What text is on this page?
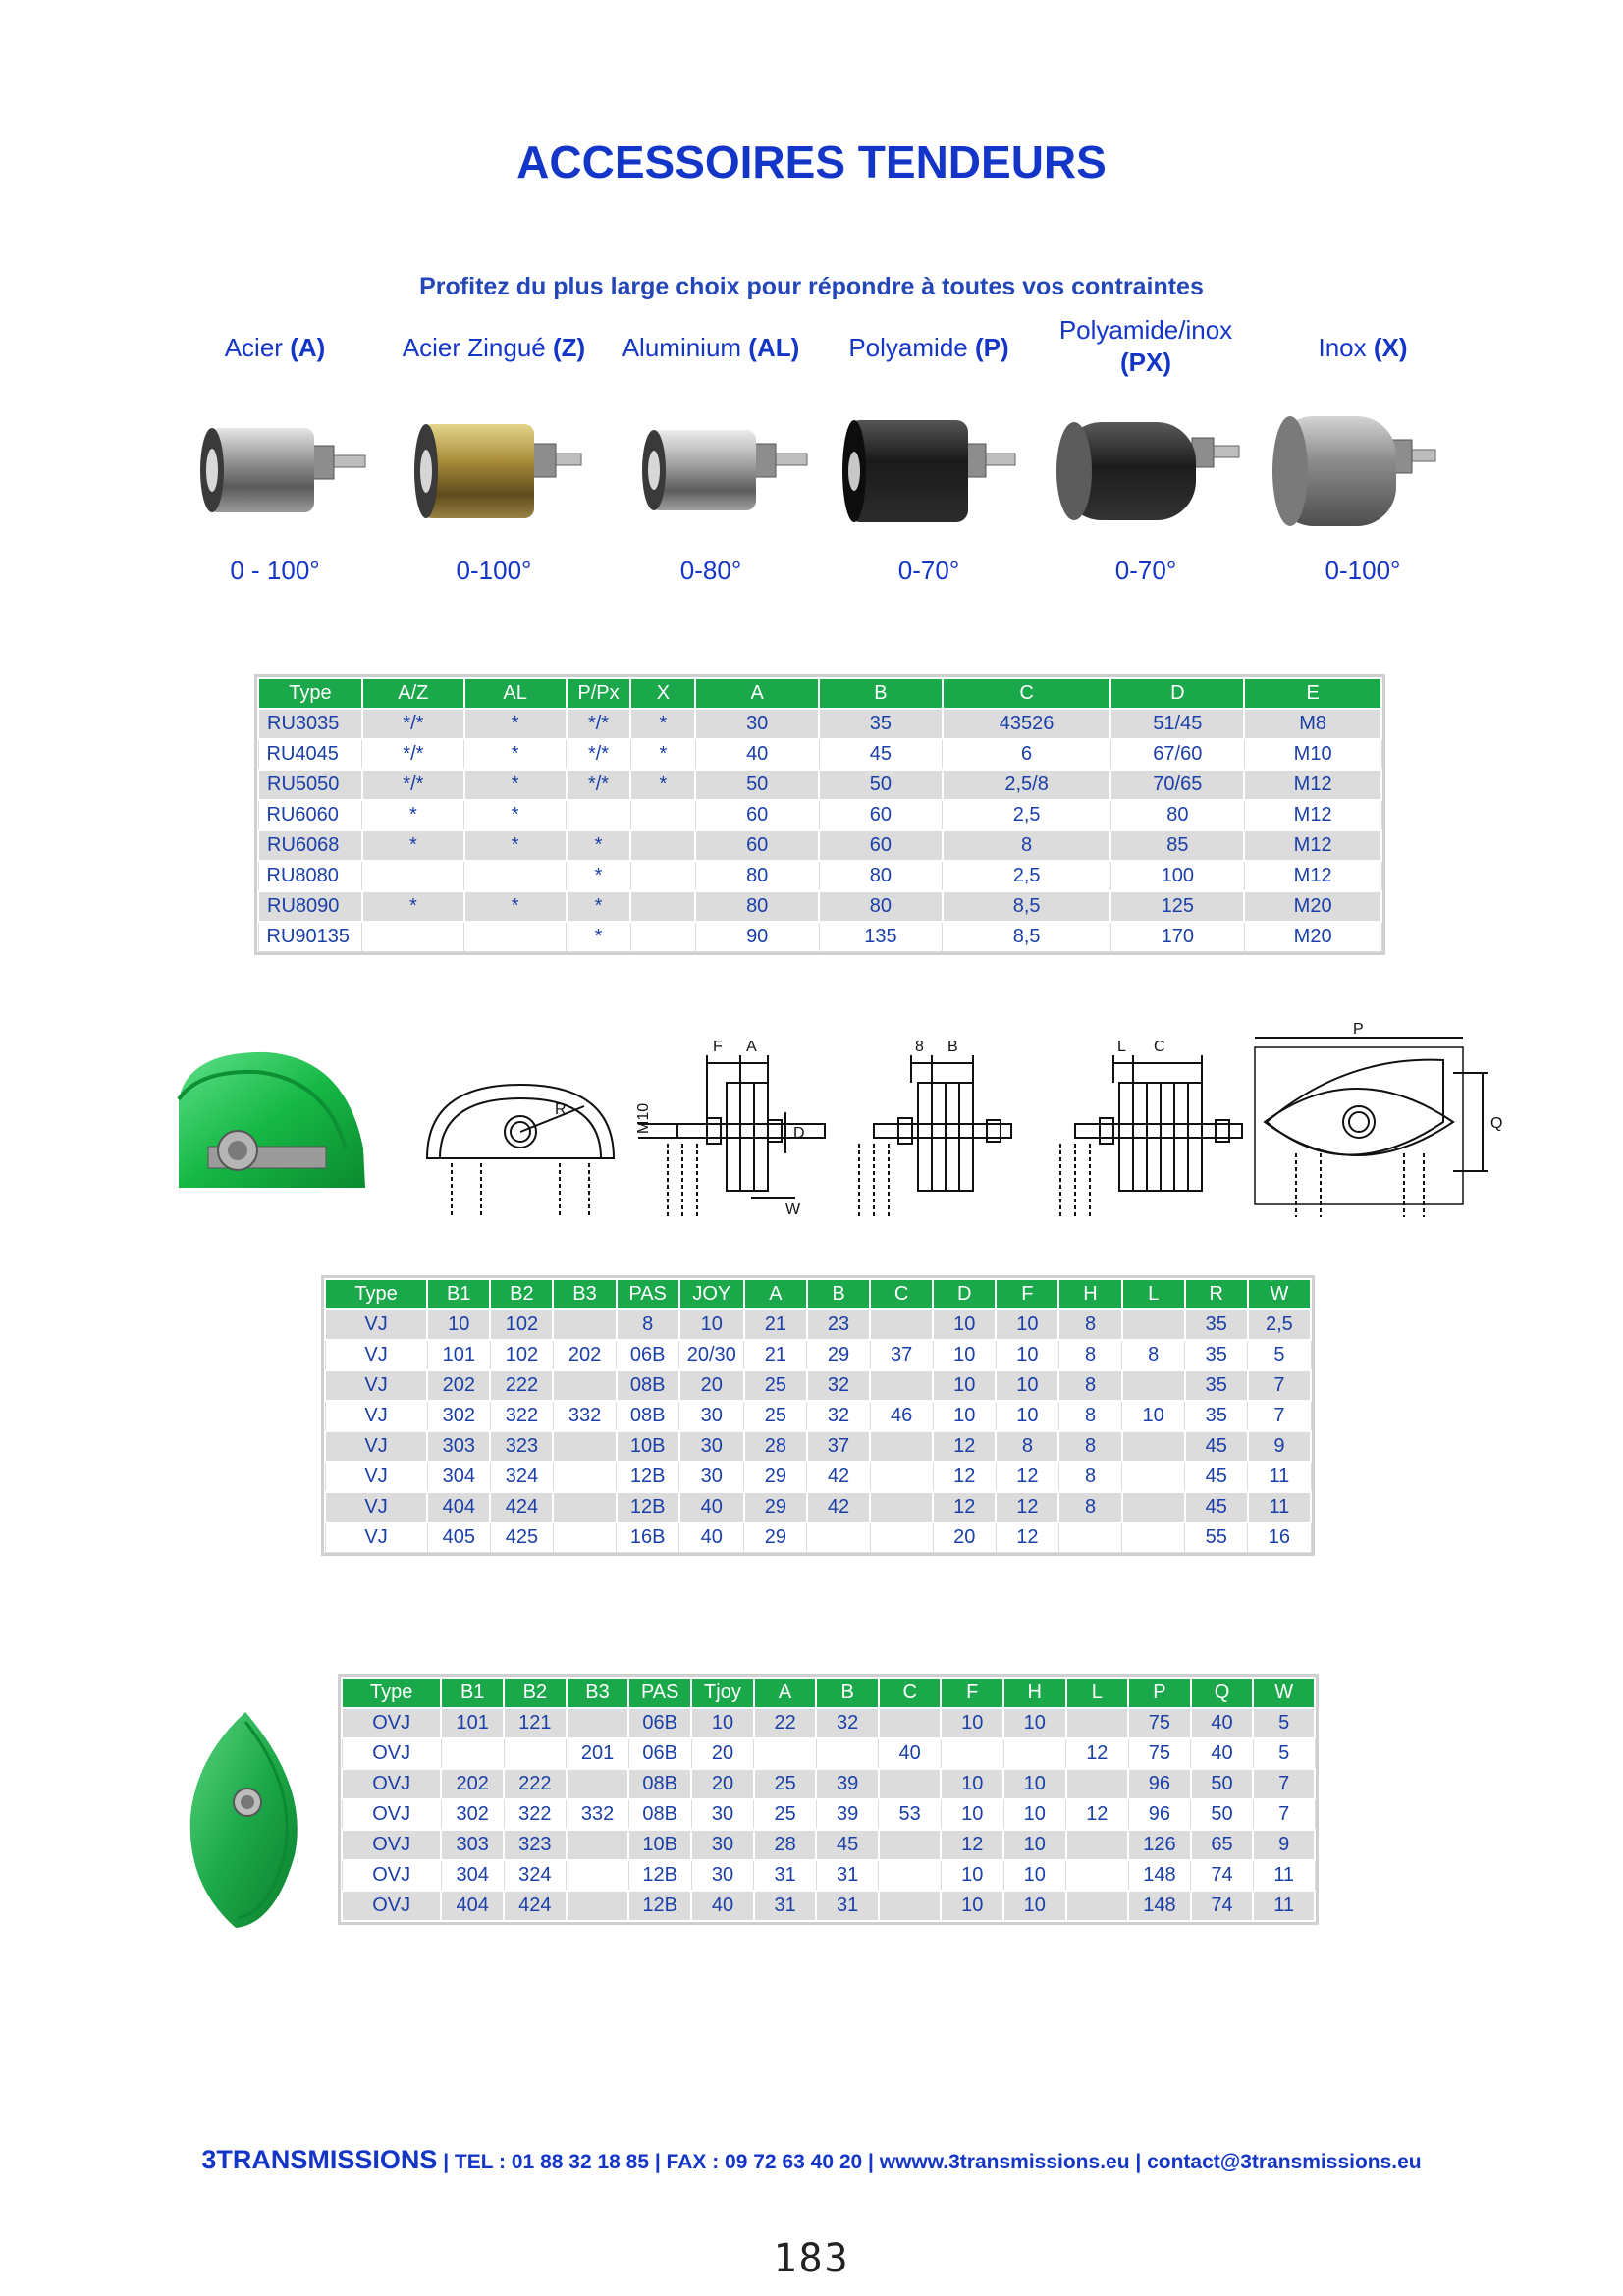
ACCESSOIRES TENDEURS
Profitez du plus large choix pour répondre à toutes vos contraintes
Acier (A)	Acier Zingué (Z)	Aluminium (AL)	Polyamide (P)
Polyamide/inox
(PX)	Inox (X)
0 - 100°	0-100°	0-80°	0-70°	0-70°	0-100°
Type	A/Z	AL	P/Px	X	A	B	C	D	E
RU3035	*/*	*	*/*	*	30	35	43526	51/45	M8
RU4045	*/*	*	*/*	*	40	45	6	67/60	M10
RU5050	*/*	*	*/*	*	50	50	2,5/8	70/65	M12
RU6060	*	*			60	60	2,5	80	M12
RU6068	*	*	*		60	60	8	85	M12
RU8080			*		80	80	2,5	100	M12
RU8090	*	*	*		80	80	8,5	125	M20
RU90135			*		90	135	8,5	170	M20
R	M10
F A
D
W
8 B	L C
P
Q
Type	B1	B2	B3	PAS	JOY	A	B	C	D	F	H	L	R	W
VJ	10	102		8	10	21	23		10	10	8		35	2,5
VJ	101	102	202	06B	20/30	21	29	37	10	10	8	8	35	5
VJ	202	222		08B	20	25	32		10	10	8		35	7
VJ	302	322	332	08B	30	25	32	46	10	10	8	10	35	7
VJ	303	323		10B	30	28	37		12	8	8		45	9
VJ	304	324		12B	30	29	42		12	12	8		45	11
VJ	404	424		12B	40	29	42		12	12	8		45	11
VJ	405	425		16B	40	29			20	12			55	16
Type	B1	B2	B3	PAS	Tjoy	A	B	C	F	H	L	P	Q	W
OVJ	101	121		06B	10	22	32		10	10		75	40	5
OVJ			201	06B	20			40			12	75	40	5
OVJ	202	222		08B	20	25	39		10	10		96	50	7
OVJ	302	322	332	08B	30	25	39	53	10	10	12	96	50	7
OVJ	303	323		10B	30	28	45		12	10		126	65	9
OVJ	304	324		12B	30	31	31		10	10		148	74	11
OVJ	404	424		12B	40	31	31		10	10		148	74	11
3TRANSMISSIONS | TEL : 01 88 32 18 85 | FAX : 09 72 63 40 20 | wwww.3transmissions.eu | contact@3transmissions.eu
183
